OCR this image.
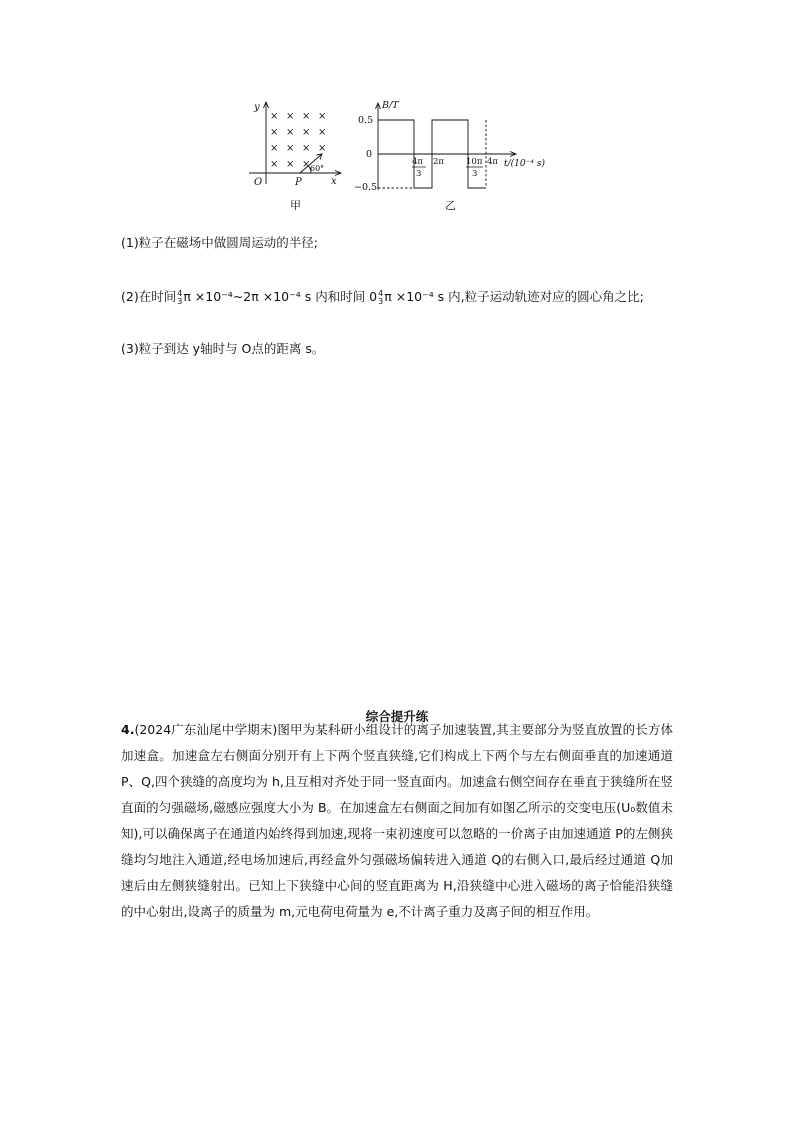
× × × × × × × × × × × × × × ×
y
x
O	P
60°
甲
B/T
t/(10⁻⁴ s)
0.5
0
−0.5
4π
3
2π	10π
3
4π
乙
(1)粒子在磁场中做圆周运动的半径;
(2)在时间 4
3 π ×10⁻⁴~2π ×10⁻⁴ s 内和时间 0 4
3 π ×10⁻⁴ s 内,粒子运动轨迹对应的圆心角之比;
(3)粒子到达 y轴时与 O点的距离 s。
综合提升练
4.(2024广东汕尾中学期末)图甲为某科研小组设计的离子加速装置,其主要部分为竖直放置的长方体加速盒。加速盒左右侧面分别开有上下两个竖直狭缝,它们构成上下两个与左右侧面垂直的加速通道 P、Q,四个狭缝的高度均为 h,且互相对齐处于同一竖直面内。加速盒右侧空间存在垂直于狭缝所在竖直面的匀强磁场,磁感应强度大小为 B。在加速盒左右侧面之间加有如图乙所示的交变电压(U₀数值未知),可以确保离子在通道内始终得到加速,现将一束初速度可以忽略的一价离子由加速通道 P的左侧狭缝均匀地注入通道,经电场加速后,再经盒外匀强磁场偏转进入通道 Q的右侧入口,最后经过通道 Q加速后由左侧狭缝射出。已知上下狭缝中心间的竖直距离为 H,沿狭缝中心进入磁场的离子恰能沿狭缝的中心射出,设离子的质量为 m,元电荷电荷量为 e,不计离子重力及离子间的相互作用。
